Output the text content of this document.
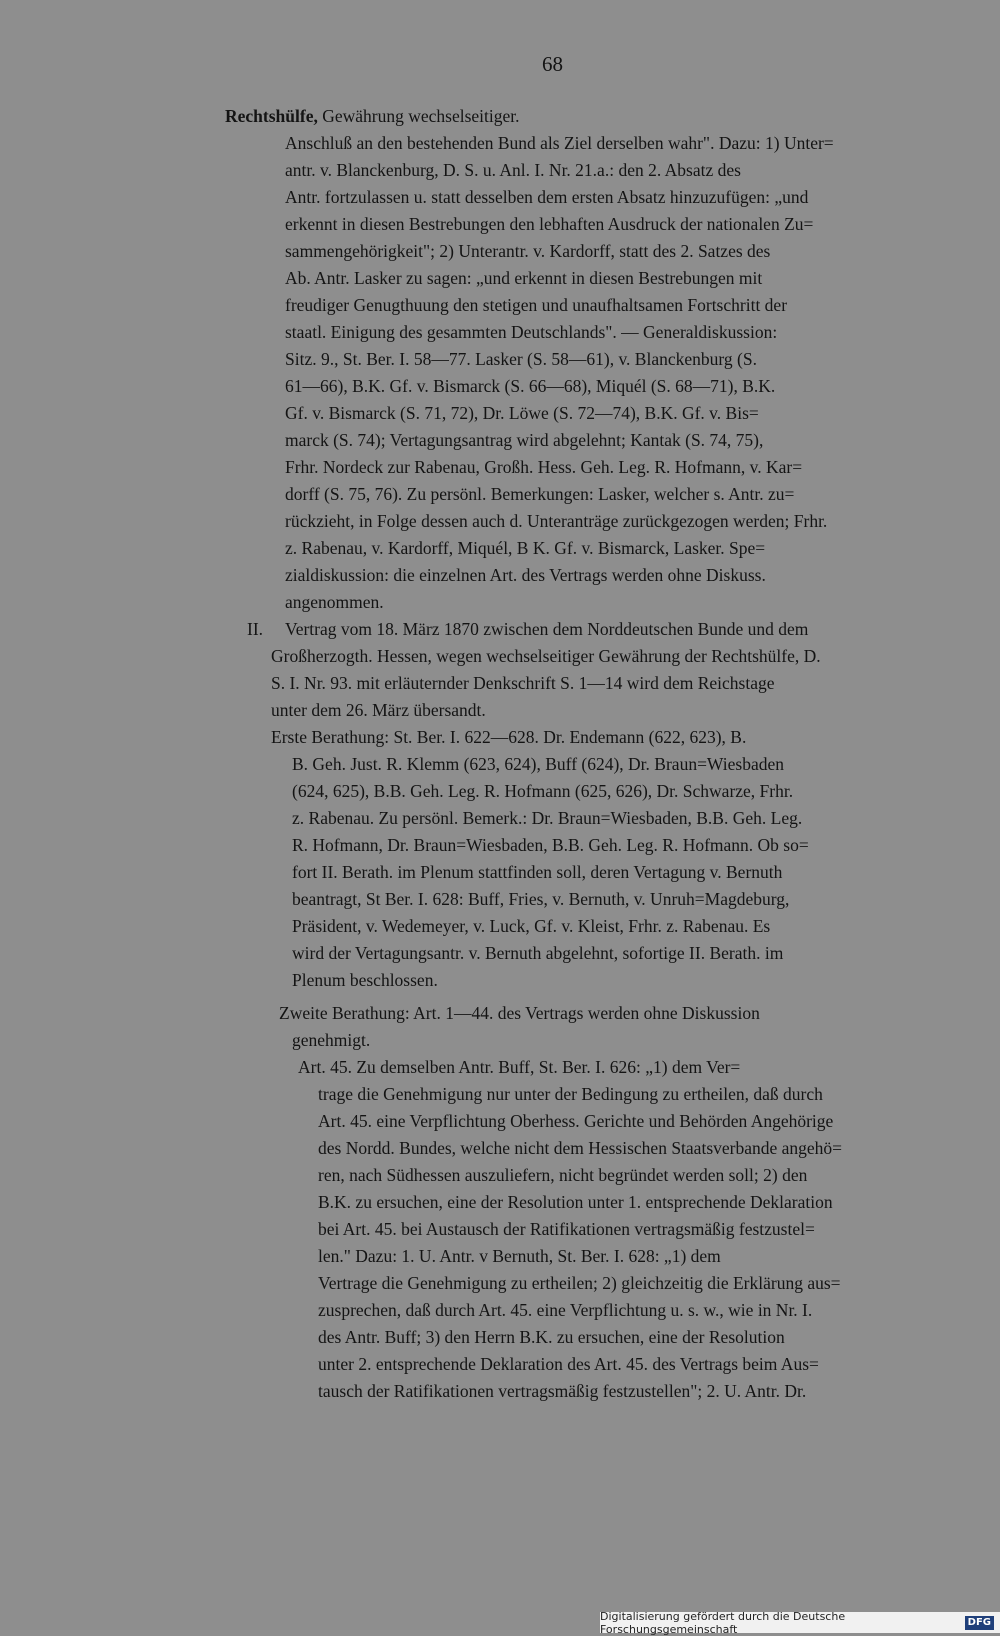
68
Rechtshülfe, Gewährung wechselseitiger.
Anschluß an den bestehenden Bund als Ziel derselben wahr". Dazu: 1) Unter=
antr. v. Blanckenburg, D. S. u. Anl. I. Nr. 21.a.: den 2. Absatz des
Antr. fortzulassen u. statt desselben dem ersten Absatz hinzuzufügen: „und
erkennt in diesen Bestrebungen den lebhaften Ausdruck der nationalen Zu=
sammengehörigkeit"; 2) Unterantr. v. Kardorff, statt des 2. Satzes des
Ab. Antr. Lasker zu sagen: „und erkennt in diesen Bestrebungen mit
freudiger Genugthuung den stetigen und unaufhaltsamen Fortschritt der
staatl. Einigung des gesammten Deutschlands". — Generaldiskussion:
Sitz. 9., St. Ber. I. 58—77. Lasker (S. 58—61), v. Blanckenburg (S.
61—66), B.K. Gf. v. Bismarck (S. 66—68), Miquél (S. 68—71), B.K.
Gf. v. Bismarck (S. 71, 72), Dr. Löwe (S. 72—74), B.K. Gf. v. Bis=
marck (S. 74); Vertagungsantrag wird abgelehnt; Kantak (S. 74, 75),
Frhr. Nordeck zur Rabenau, Großh. Hess. Geh. Leg. R. Hofmann, v. Kar=
dorff (S. 75, 76). Zu persönl. Bemerkungen: Lasker, welcher s. Antr. zu=
rückzieht, in Folge dessen auch d. Unteranträge zurückgezogen werden; Frhr.
z. Rabenau, v. Kardorff, Miquél, B K. Gf. v. Bismarck, Lasker. Spe=
zialdiskussion: die einzelnen Art. des Vertrags werden ohne Diskuss.
angenommen.
II. Vertrag vom 18. März 1870 zwischen dem Norddeutschen Bunde und dem
Großherzogth. Hessen, wegen wechselseitiger Gewährung der Rechtshülfe, D.
S. I. Nr. 93. mit erläuternder Denkschrift S. 1—14 wird dem Reichstage
unter dem 26. März übersandt.
Erste Berathung: St. Ber. I. 622—628. Dr. Endemann (622, 623), B.
B. Geh. Just. R. Klemm (623, 624), Buff (624), Dr. Braun=Wiesbaden
(624, 625), B.B. Geh. Leg. R. Hofmann (625, 626), Dr. Schwarze, Frhr.
z. Rabenau. Zu persönl. Bemerk.: Dr. Braun=Wiesbaden, B.B. Geh. Leg.
R. Hofmann, Dr. Braun=Wiesbaden, B.B. Geh. Leg. R. Hofmann. Ob so=
fort II. Berath. im Plenum stattfinden soll, deren Vertagung v. Bernuth
beantragt, St Ber. I. 628: Buff, Fries, v. Bernuth, v. Unruh=Magdeburg,
Präsident, v. Wedemeyer, v. Luck, Gf. v. Kleist, Frhr. z. Rabenau. Es
wird der Vertagungsantr. v. Bernuth abgelehnt, sofortige II. Berath. im
Plenum beschlossen.
Zweite Berathung: Art. 1—44. des Vertrags werden ohne Diskussion
genehmigt.
Art. 45. Zu demselben Antr. Buff, St. Ber. I. 626: „1) dem Ver=
trage die Genehmigung nur unter der Bedingung zu ertheilen, daß durch
Art. 45. eine Verpflichtung Oberhess. Gerichte und Behörden Angehörige
des Nordd. Bundes, welche nicht dem Hessischen Staatsverbande angehö=
ren, nach Südhessen auszuliefern, nicht begründet werden soll; 2) den
B.K. zu ersuchen, eine der Resolution unter 1. entsprechende Deklaration
bei Art. 45. bei Austausch der Ratifikationen vertragsmäßig festzustel=
len." Dazu: 1. U. Antr. v Bernuth, St. Ber. I. 628: „1) dem
Vertrage die Genehmigung zu ertheilen; 2) gleichzeitig die Erklärung aus=
zusprechen, daß durch Art. 45. eine Verpflichtung u. s. w., wie in Nr. I.
des Antr. Buff; 3) den Herrn B.K. zu ersuchen, eine der Resolution
unter 2. entsprechende Deklaration des Art. 45. des Vertrags beim Aus=
tausch der Ratifikationen vertragsmäßig festzustellen"; 2. U. Antr. Dr.
Digitalisierung gefördert durch die Deutsche Forschungsgemeinschaft
DFG
